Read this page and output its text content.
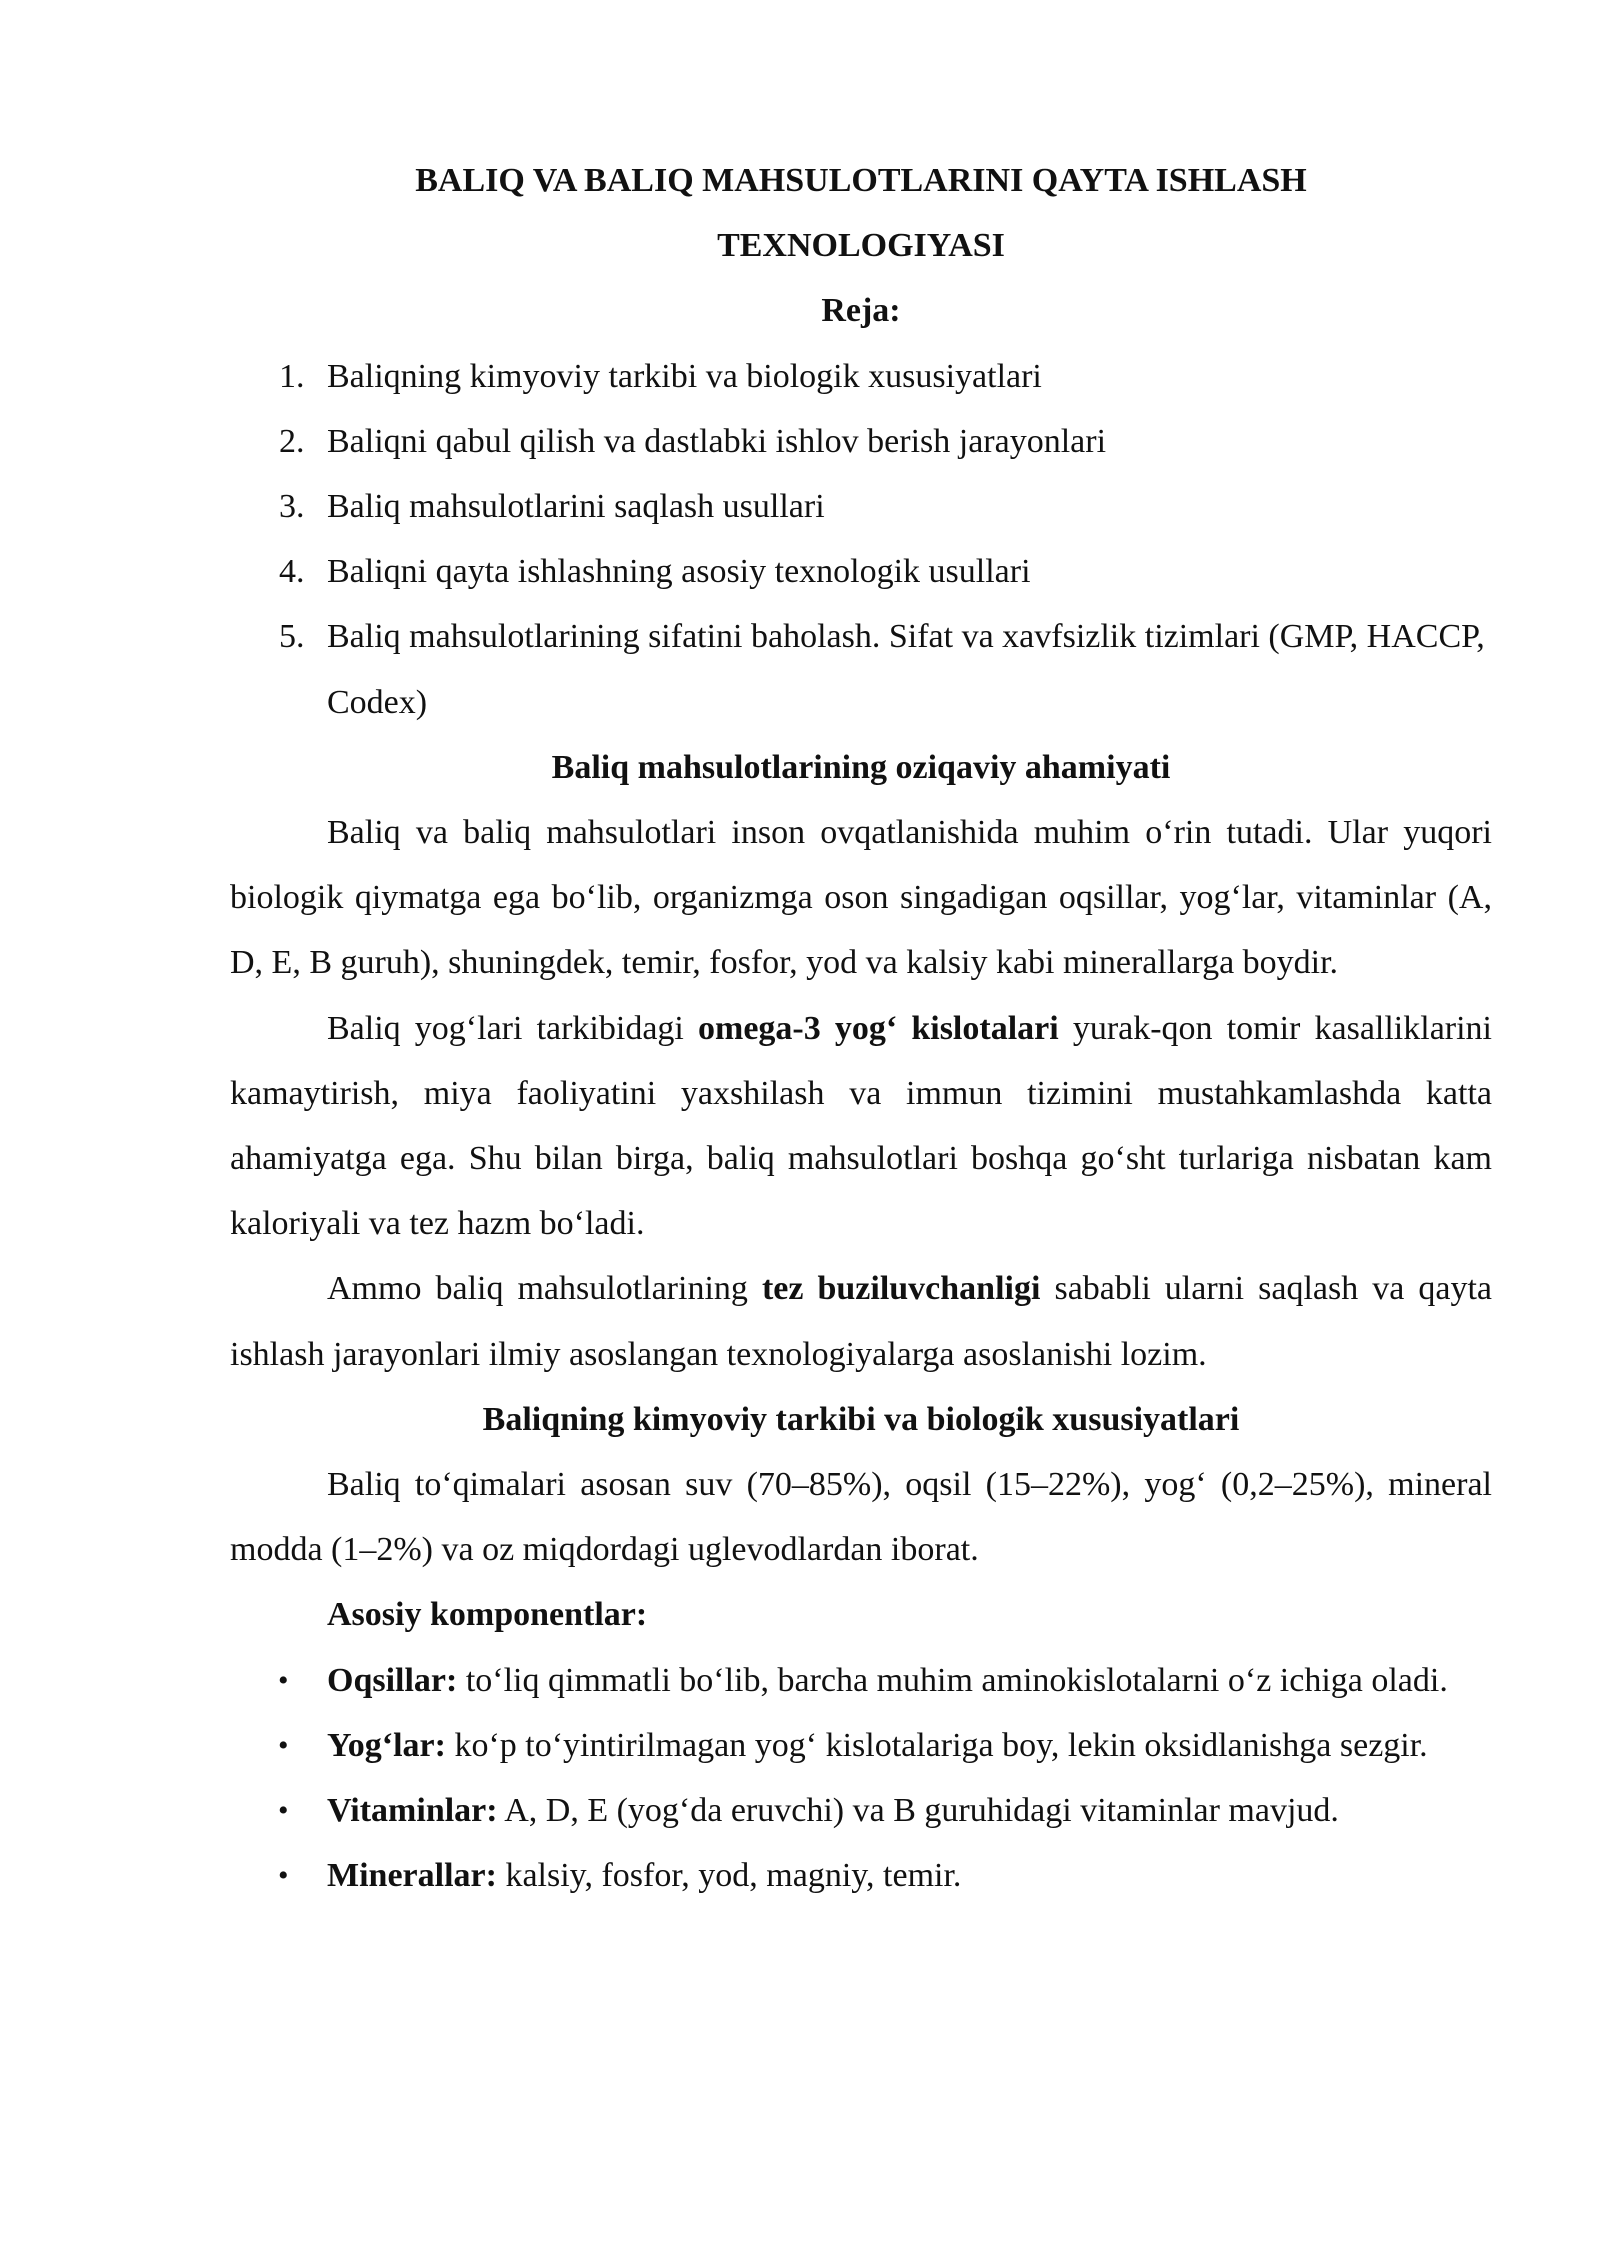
BALIQ VA BALIQ MAHSULOTLARINI QAYTA ISHLASH

TEXNOLOGIYASI

Reja:

1. Baliqning kimyoviy tarkibi va biologik xususiyatlari
2. Baliqni qabul qilish va dastlabki ishlov berish jarayonlari
3. Baliq mahsulotlarini saqlash usullari
4. Baliqni qayta ishlashning asosiy texnologik usullari
5. Baliq mahsulotlarining sifatini baholash. Sifat va xavfsizlik tizimlari (GMP, HACCP, Codex)

Baliq mahsulotlarining oziqaviy ahamiyati

Baliq va baliq mahsulotlari inson ovqatlanishida muhim o‘rin tutadi. Ular yuqori biologik qiymatga ega bo‘lib, organizmga oson singadigan oqsillar, yog‘lar, vitaminlar (A, D, E, B guruh), shuningdek, temir, fosfor, yod va kalsiy kabi minerallarga boydir.

Baliq yog‘lari tarkibidagi omega-3 yog‘ kislotalari yurak-qon tomir kasalliklarini kamaytirish, miya faoliyatini yaxshilash va immun tizimini mustahkamlashda katta ahamiyatga ega. Shu bilan birga, baliq mahsulotlari boshqa go‘sht turlariga nisbatan kam kaloriyali va tez hazm bo‘ladi.

Ammo baliq mahsulotlarining tez buziluvchanligi sababli ularni saqlash va qayta ishlash jarayonlari ilmiy asoslangan texnologiyalarga asoslanishi lozim.

Baliqning kimyoviy tarkibi va biologik xususiyatlari

Baliq to‘qimalari asosan suv (70–85%), oqsil (15–22%), yog‘ (0,2–25%), mineral modda (1–2%) va oz miqdordagi uglevodlardan iborat.

Asosiy komponentlar:

• Oqsillar: to‘liq qimmatli bo‘lib, barcha muhim aminokislotalarni o‘z ichiga oladi.
• Yog‘lar: ko‘p to‘yintirilmagan yog‘ kislotalariga boy, lekin oksidlanishga sezgir.
• Vitaminlar: A, D, E (yog‘da eruvchi) va B guruhidagi vitaminlar mavjud.
• Minerallar: kalsiy, fosfor, yod, magniy, temir.
